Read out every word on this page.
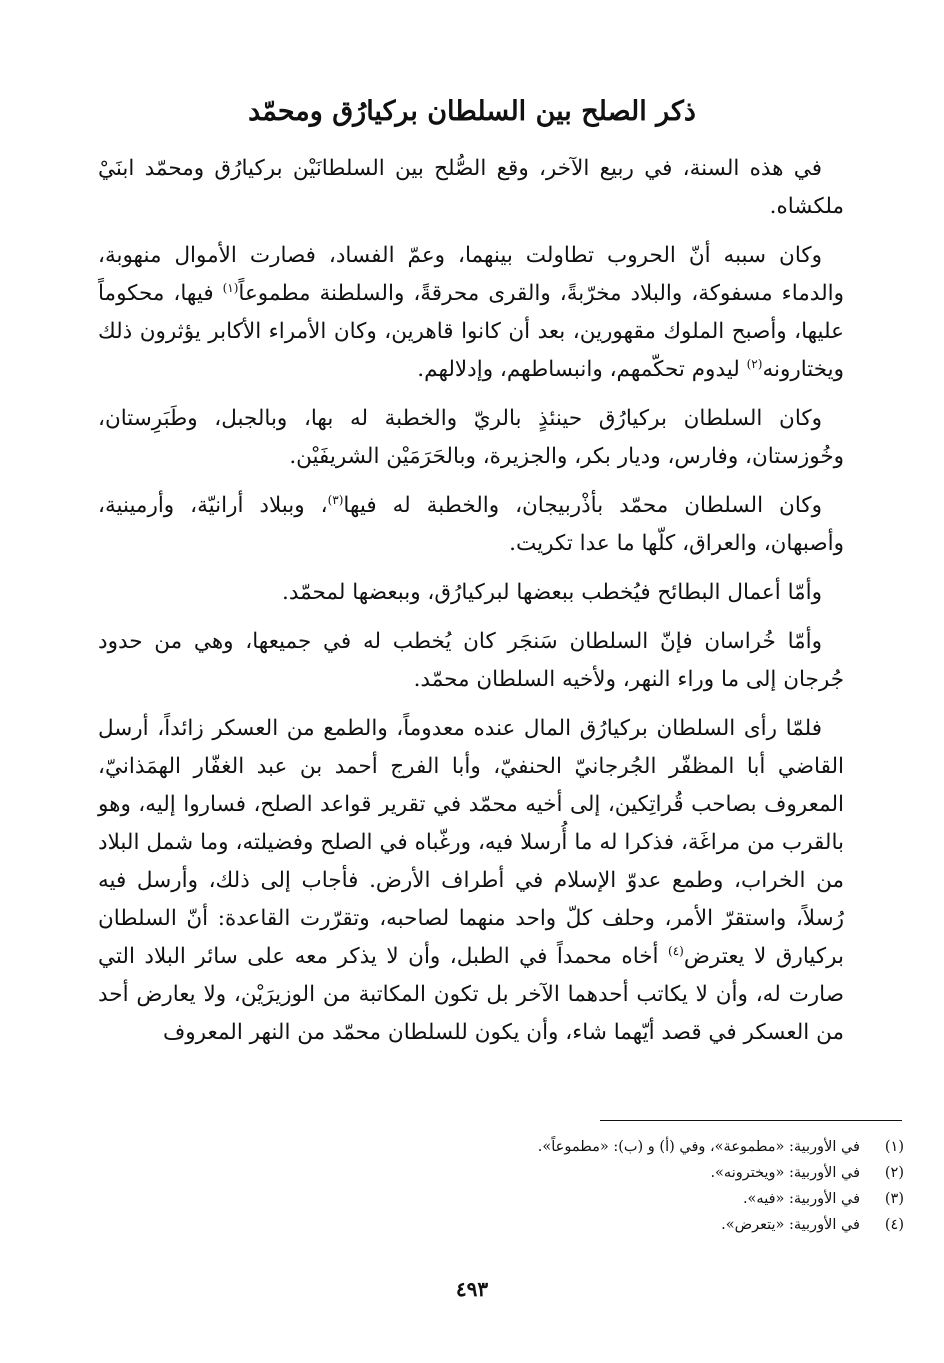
ذكر الصلح بين السلطان بركيارُق ومحمّد

في هذه السنة، في ربيع الآخر، وقع الصُّلح بين السلطانَيْن بركيارُق ومحمّد ابنَيْ ملكشاه.

وكان سببه أنّ الحروب تطاولت بينهما، وعمّ الفساد، فصارت الأموال منهوبة، والدماء مسفوكة، والبلاد مخرّبةً، والقرى محرقةً، والسلطنة مطموعاً$^{(١)}$ فيها، محكوماً عليها، وأصبح الملوك مقهورين، بعد أن كانوا قاهرين، وكان الأمراء الأكابر يؤثرون ذلك ويختارونه$^{(٢)}$ ليدوم تحكّمهم، وانبساطهم، وإدلالهم.

وكان السلطان بركيارُق حينئذٍ بالريّ والخطبة له بها، وبالجبل، وطَبَرِستان، وخُوزستان، وفارس، وديار بكر، والجزيرة، وبالحَرَمَيْن الشريفَيْن.

وكان السلطان محمّد بأذْربيجان، والخطبة له فيها$^{(٣)}$، وببلاد أرانيّة، وأرمينية، وأصبهان، والعراق، كلّها ما عدا تكريت.

وأمّا أعمال البطائح فيُخطب ببعضها لبركيارُق، وببعضها لمحمّد.

وأمّا خُراسان فإنّ السلطان سَنجَر كان يُخطب له في جميعها، وهي من حدود جُرجان إلى ما وراء النهر، ولأخيه السلطان محمّد.

فلمّا رأى السلطان بركيارُق المال عنده معدوماً، والطمع من العسكر زائداً، أرسل القاضي أبا المظفّر الجُرجانيّ الحنفيّ، وأبا الفرج أحمد بن عبد الغفّار الهمَذانيّ، المعروف بصاحب قُراتِكين، إلى أخيه محمّد في تقرير قواعد الصلح، فساروا إليه، وهو بالقرب من مراغَة، فذكرا له ما أُرسلا فيه، ورغّباه في الصلح وفضيلته، وما شمل البلاد من الخراب، وطمع عدوّ الإسلام في أطراف الأرض. فأجاب إلى ذلك، وأرسل فيه رُسلاً، واستقرّ الأمر، وحلف كلّ واحد منهما لصاحبه، وتقرّرت القاعدة: أنّ السلطان بركيارق لا يعترض$^{(٤)}$ أخاه محمداً في الطبل، وأن لا يذكر معه على سائر البلاد التي صارت له، وأن لا يكاتب أحدهما الآخر بل تكون المكاتبة من الوزيرَيْن، ولا يعارض أحد من العسكر في قصد أيّهما شاء، وأن يكون للسلطان محمّد من النهر المعروف

(١)
في الأوربية: «مطموعة»، وفي (أ) و (ب): «مطموعاً».
(٢)
في الأوربية: «ويخترونه».
(٣)
في الأوربية: «فيه».
(٤)
في الأوربية: «يتعرض».
٤٩٣
